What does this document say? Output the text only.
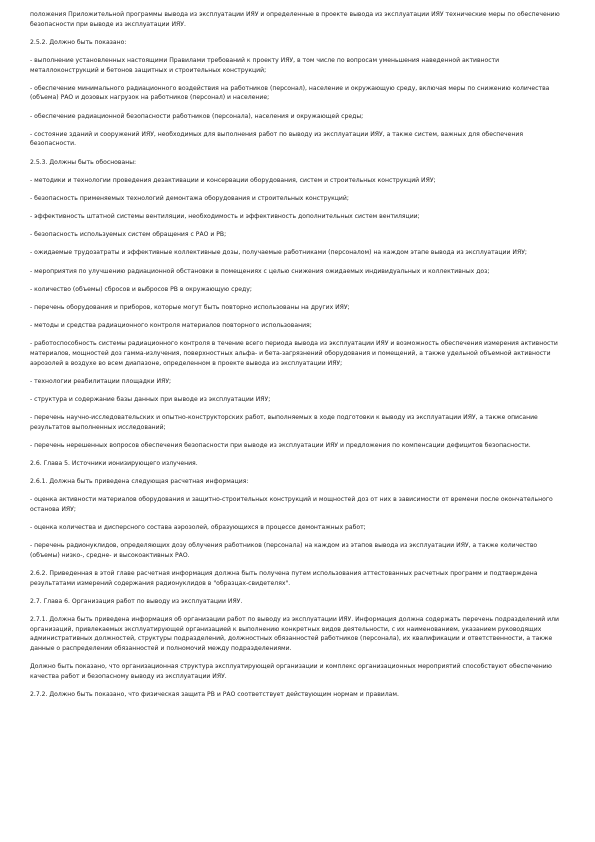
положения Приложительной программы вывода из эксплуатации ИЯУ и определенные в проекте вывода из эксплуатации ИЯУ технические меры по обеспечению безопасности при выводе из эксплуатации ИЯУ.

2.5.2. Должно быть показано:

- выполнение установленных настоящими Правилами требований к проекту ИЯУ, в том числе по вопросам уменьшения наведенной активности металлоконструкций и бетонов защитных и строительных конструкций;

- обеспечение минимального радиационного воздействия на работников (персонал), население и окружающую среду, включая меры по снижению количества (объема) РАО и дозовых нагрузок на работников (персонал) и население;

- обеспечение радиационной безопасности работников (персонала), населения и окружающей среды;

- состояние зданий и сооружений ИЯУ, необходимых для выполнения работ по выводу из эксплуатации ИЯУ, а также систем, важных для обеспечения безопасности.

2.5.3. Должны быть обоснованы:

- методики и технологии проведения дезактивации и консервации оборудования, систем и строительных конструкций ИЯУ;

- безопасность применяемых технологий демонтажа оборудования и строительных конструкций;

- эффективность штатной системы вентиляции, необходимость и эффективность дополнительных систем вентиляции;

- безопасность используемых систем обращения с РАО и РВ;

- ожидаемые трудозатраты и эффективные коллективные дозы, получаемые работниками (персоналом) на каждом этапе вывода из эксплуатации ИЯУ;

- мероприятия по улучшению радиационной обстановки в помещениях с целью снижения ожидаемых индивидуальных и коллективных доз;

- количество (объемы) сбросов и выбросов РВ в окружающую среду;

- перечень оборудования и приборов, которые могут быть повторно использованы на других ИЯУ;

- методы и средства радиационного контроля материалов повторного использования;

- работоспособность системы радиационного контроля в течение всего периода вывода из эксплуатации ИЯУ и возможность обеспечения измерения активности материалов, мощностей доз гамма-излучения, поверхностных альфа- и бета-загрязнений оборудования и помещений, а также удельной объемной активности аэрозолей в воздухе во всем диапазоне, определенном в проекте вывода из эксплуатации ИЯУ;

- технологии реабилитации площадки ИЯУ;

- структура и содержание базы данных при выводе из эксплуатации ИЯУ;

- перечень научно-исследовательских и опытно-конструкторских работ, выполняемых в ходе подготовки к выводу из эксплуатации ИЯУ, а также описание результатов выполненных исследований;

- перечень нерешенных вопросов обеспечения безопасности при выводе из эксплуатации ИЯУ и предложения по компенсации дефицитов безопасности.

2.6. Глава 5. Источники ионизирующего излучения.

2.6.1. Должна быть приведена следующая расчетная информация:

- оценка активности материалов оборудования и защитно-строительных конструкций и мощностей доз от них в зависимости от времени после окончательного останова ИЯУ;

- оценка количества и дисперсного состава аэрозолей, образующихся в процессе демонтажных работ;

- перечень радионуклидов, определяющих дозу облучения работников (персонала) на каждом из этапов вывода из эксплуатации ИЯУ, а также количество (объемы) низко-, средне- и высокоактивных РАО.

2.6.2. Приведенная в этой главе расчетная информация должна быть получена путем использования аттестованных расчетных программ и подтверждена результатами измерений содержания радионуклидов в "образцах-свидетелях".

2.7. Глава 6. Организация работ по выводу из эксплуатации ИЯУ.

2.7.1. Должна быть приведена информация об организации работ по выводу из эксплуатации ИЯУ. Информация должна содержать перечень подразделений или организаций, привлекаемых эксплуатирующей организацией к выполнению конкретных видов деятельности, с их наименованием, указанием руководящих административных должностей, структуры подразделений, должностных обязанностей работников (персонала), их квалификации и ответственности, а также данные о распределении обязанностей и полномочий между подразделениями.

Должно быть показано, что организационная структура эксплуатирующей организации и комплекс организационных мероприятий способствуют обеспечению качества работ и безопасному выводу из эксплуатации ИЯУ.

2.7.2. Должно быть показано, что физическая защита РВ и РАО соответствует действующим нормам и правилам.
